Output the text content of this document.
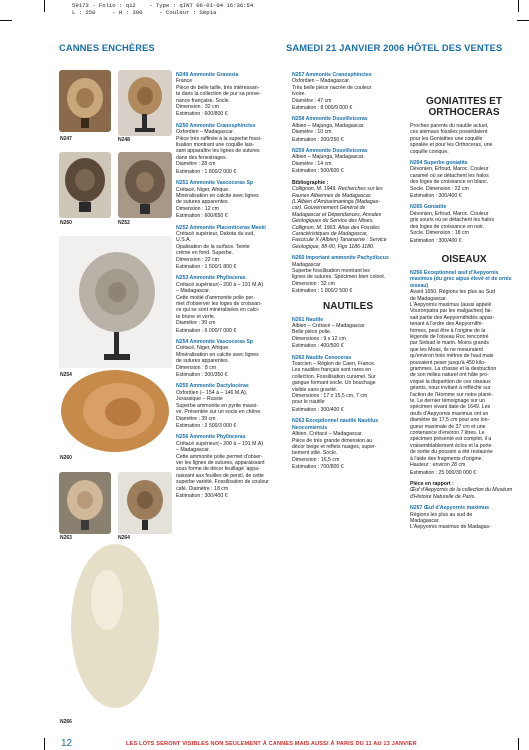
59173 - Folio : q12    - Type : qINT 06-01-04 16:36:54
L : 250     - H : 300     - Couleur : Sépia
CANNES ENCHÈRES	SAMEDI 21 JANVIER 2006 HÔTEL DES VENTES
N247	N248
N260	N252
N254
N260
N263	N264
N266
N249 Ammonite Gravesia
France
Pièce de belle taille, très intéressan-
te dans la collection de pur sa prove-
nance française. Socle.
Dimension : 32 cm
Estimation : 600/800 €
N250 Ammonite Cranosphinctes
Oxfordien – Madagascar.
Pièce très raffinée à la superbe fossi-
lisation montrant une coquille lais-
sant apparaître les lignes de sutures
dans des fenestrages.
Diamètre : 28 cm
Estimation : 1 800/2 000 €
N251 Ammonite Vascoceras Sp
Crétacé, Niger, Afrique.
Minéralisation en calcite avec lignes
de sutures apparentes.
Dimension : 12 cm
Estimation : 600/650 €
N252 Ammonite Placenticeras Meeki
Crétacé supérieur, Dakota du sud,
U.S.A.
Opalisation de la surface. Teinte
crème en fond. Superbe.
Dimension : 22 cm
Estimation : 1 500/1 800 €
N253 Ammonite Phylloceras
Crétacé supérieur(– 200 à – 191 M.A)
– Madagascar.
Cette moitié d'ammonite polie per-
met d'observer les loges de croissan-
ce qui se sont minéralisées en calci-
te brune et verte.
Diamètre : 39 cm
Estimation : 6 000/7 000 €
N254 Ammonite Vascoceras Sp
Crétacé, Niger, Afrique.
Minéralisation en calcite avec lignes
de sutures apparentes.
Dimension : 8 cm
Estimation : 300/350 €
N255 Ammonite Dactylocéras
Oxfordien (– 154 à – 146 M.A),
Jurassique – Russie
Superbe ammonite en pyrite massi-
ve. Présentée sur un socle en chêne.
Diamètre : 39 cm
Estimation : 2 500/3 000 €
N256 Ammonite Phylloceras
Crétacé supérieur(– 200 à – 191 M.A)
– Madagascar.
Cette ammonite polie permet d'obser-
ver les lignes de sutures, apparaissant
sous forme de décor feuillagé 'appa-
raissant aux feuilles de persil, de cette
superbe variété. Fossilisation de couleur
café. Diamètre : 18 cm
Estimation : 300/400 €
N257 Ammonite Cranosphinctes
Oxfordien – Madagascar.
Très belle pièce nacrée de couleur
ivoire.
Diamètre : 47 cm
Estimation : 8 000/9 000 €
N258 Ammonite Douvilleiceras
Albien – Majunga, Madagascar.
Diamètre : 10 cm
Estimation : 200/250 €
N259 Ammonite Douvilleiceras
Albien – Majunga, Madagascar.
Diamètre : 14 cm
Estimation : 500/600 €
Bibliographie :
Collignon, M. 1949. Recherches sur les
Faunes Albiennes de Madagascar.
(L'Albien d'Ambarimaninga (Madagas-
car). Gouvernement Général de
Madagascar et Dépendances, Annales
Géologiques du Service des Mines.
Collignon, M. 1963. Atlas des Fossiles
Caractéristiques de Madagascar,
Fascicule X (Albien) Tananarive : Service
Géologique, 88-90, Figs 1186-1180.
N260 Important ammonite Pachydiscus
Madagascar
Superbe fossilisation montrant les
lignes de sutures. Spécimen bien coloré.
Dimension : 32 cm
Estimation : 1 800/2 500 €
NAUTILES
N261 Nautile
Albien – Crétacé – Madagascar
Belle pièce polie.
Dimensions : 9 x 12 cm
Estimation : 400/500 €
N262 Nautile Cenoceras
Toarcien – Région de Caen, France.
Les nautiles français sont rares en
collection. Fossilisation curamel. Sur
gangue formant socle. Un bouchage
visible sans gravité.
Dimensions : 17 x 15,5 cm, 7 cm
pour le nautile
Estimation : 300/400 €
N263 Exceptionnel nautile Nautilus Neocomiensis
Albien, Crétacé – Madagascar.
Pièce de très grande dimension au
décor beige et reflets nuages, super-
bement stilé. Socle.
Dimension : 16,5 cm
Estimation : 700/800 €
GONIATITES ET ORTHOCERAS
Proches parents du nautile actuel,
ces animaux fossiles possédaient
pour les Goniatites une coquille
spiralée et pour les Orthoceras, une
coquille conique.
N264 Superbe goniatite
Dévonien, Erfoud, Maroc. Couleur
caramel où se détachent les halos
des loges de croissance en blanc.
Socle. Dimension : 22 cm
Estimation : 300/400 €
N265 Goniatite
Dévonien, Erfoud, Maroc. Couleur
gris souris où se détachent les halos
des loges de croissance en noir.
Socle. Dimension : 18 cm
Estimation : 300/400 €
OISEAUX
N266 Exceptionnel œuf d'Aepyornis maximus (du grec aipus élevé et de ornis oiseau)
Avant 1650. Régions les plus au Sud
de Madagascar.
L'Aepyornis maximus (aussi appelé
Vouronpatra par les malgaches) fai-
sait partie des Aepyornithidés appar-
tenant à l'ordre des Aepyornithi-
formes, peut être à l'origine de la
légende de l'oiseau Roc rencontré
par Sinbad le marin. Moins grands
que les Moas, ils ne mesuraient
qu'environ trois mètres de haut mais
pouvaient peser jusqu'à 450 kilo-
grammes. La chasse et la destruction
de son milieu naturel ont hâte pro-
voqué la disparition de ces oiseaux
géants, nous invitant à réfléchir sur
l'action de l'Homme sur notre planè-
te. Le dernier témoignage sur un
spécimen vivant date de 1649. Les
œufs d'Aepyornis maximus ont un
diamètre de 17,5 cm pour une lon-
gueur maximale de 37 cm et une
contenance d'environ 7 litres. Le
spécimen présenté est complet, il a
vraisemblablement éclos et la porte
de sortie du poussin a été restaurée
à l'aide des fragments d'origine.
Hauteur : environ 28 cm
Estimation : 25 000/30 000 €
Pièce en rapport :
Œuf d'Aepyornis de la collection du Muséum d'Histoire Naturelle de Paris.
N267 Œuf d'Aepyornis maximus
Régions les plus au sud de
Madagascar.
L'Aepyornis maximus de Madagas-
12	LES LOTS SERONT VISIBLES NON SEULEMENT À CANNES MAIS AUSSI À PARIS DU 11 AU 13 JANVIER
